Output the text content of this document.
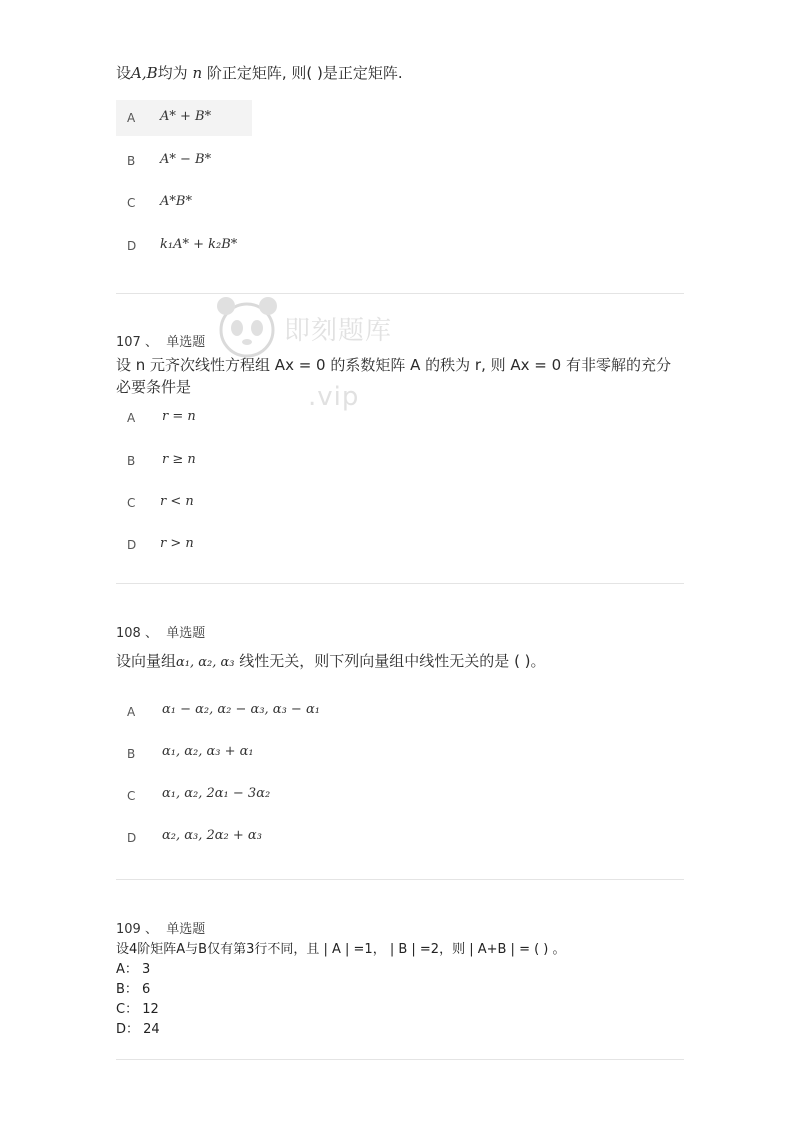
设A,B均为 n 阶正定矩阵, 则( )是正定矩阵.
A	A* + B*
B	A* − B*
C	A*B*
D	k₁A* + k₂B*
即刻题库
.vip
107 、 单选题
设 n 元齐次线性方程组 Ax = 0 的系数矩阵 A 的秩为 r, 则 Ax = 0 有非零解的充分
必要条件是
A	r = n
B	r ≥ n
C	r < n
D	r > n
108 、 单选题
设向量组α₁, α₂, α₃ 线性无关，则下列向量组中线性无关的是 ( )。
A	α₁ − α₂, α₂ − α₃, α₃ − α₁
B	α₁, α₂, α₃ + α₁
C	α₁, α₂, 2α₁ − 3α₂
D	α₂, α₃, 2α₂ + α₃
109 、 单选题
设4阶矩阵A与B仅有第3行不同，且 | A | =1， | B | =2，则 | A+B | = ( ) 。
A： 3
B： 6
C： 12
D： 24
